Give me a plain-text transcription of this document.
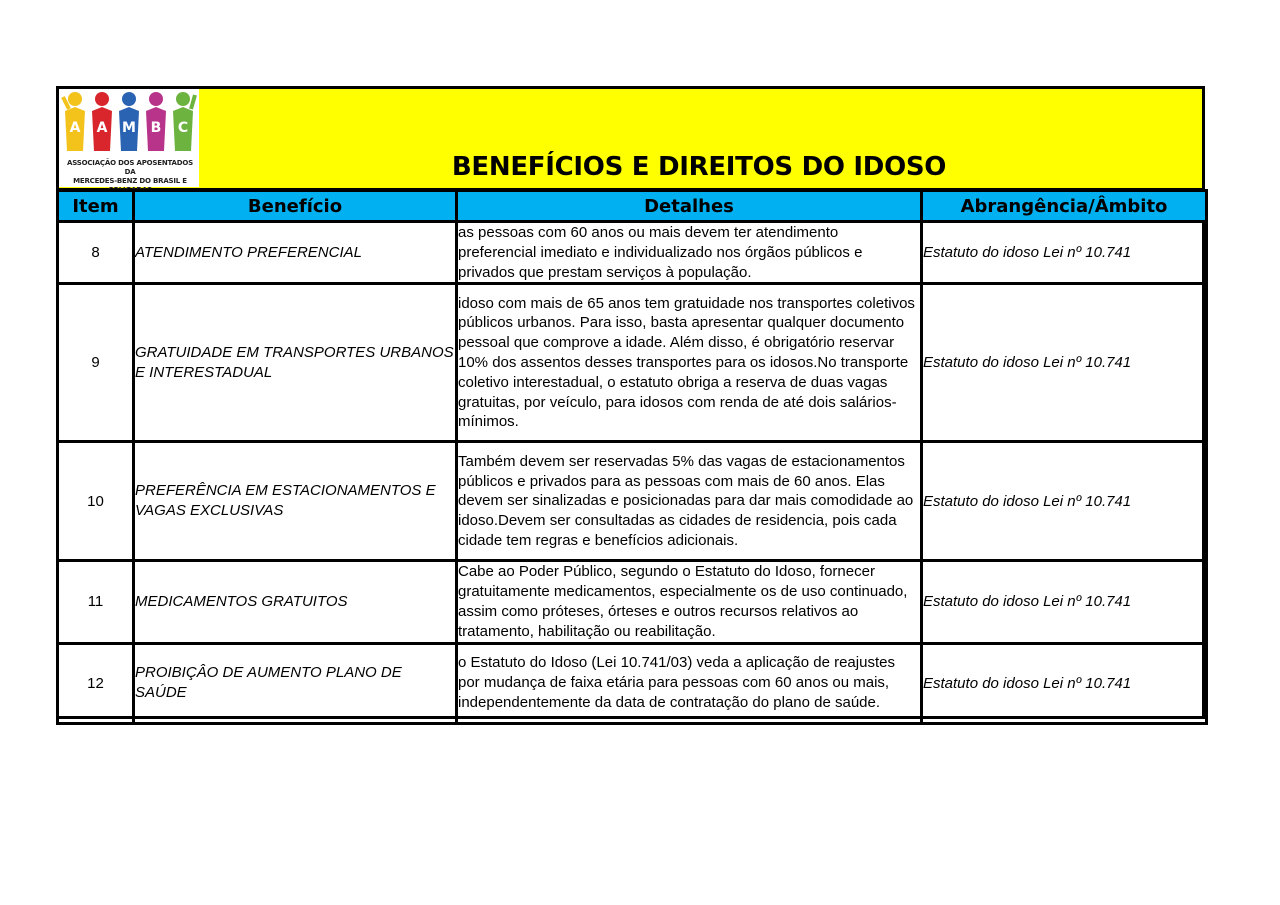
A A M B C
ASSOCIAÇÃO DOS APOSENTADOS DA
MERCEDES-BENZ DO BRASIL E	BENEFÍCIOS E DIREITOS DO IDOSO
Item	Benefício	Detalhes	Abrangência/Âmbito
8	ATENDIMENTO PREFERENCIAL	as pessoas com 60 anos ou mais devem ter atendimento preferencial imediato e individualizado nos órgãos públicos e privados que prestam serviços à população.	Estatuto do idoso Lei nº 10.741
9	GRATUIDADE EM TRANSPORTES URBANOS E INTERESTADUAL	idoso com mais de 65 anos tem gratuidade nos transportes coletivos públicos urbanos. Para isso, basta apresentar qualquer documento pessoal que comprove a idade. Além disso, é obrigatório reservar 10% dos assentos desses transportes para os idosos.No transporte coletivo interestadual, o estatuto obriga a reserva de duas vagas gratuitas, por veículo, para idosos com renda de até dois salários-mínimos.	Estatuto do idoso Lei nº 10.741
10	PREFERÊNCIA EM ESTACIONAMENTOS E VAGAS EXCLUSIVAS	Também devem ser reservadas 5% das vagas de estacionamentos públicos e privados para as pessoas com mais de 60 anos. Elas devem ser sinalizadas e posicionadas para dar mais comodidade ao idoso.Devem ser consultadas as cidades de residencia, pois cada cidade tem regras e benefícios adicionais.	Estatuto do idoso Lei nº 10.741
11	MEDICAMENTOS GRATUITOS	Cabe ao Poder Público, segundo o Estatuto do Idoso, fornecer gratuitamente medicamentos, especialmente os de uso continuado, assim como próteses, órteses e outros recursos relativos ao tratamento, habilitação ou reabilitação.	Estatuto do idoso Lei nº 10.741
12	PROIBIÇÂO DE AUMENTO PLANO DE SAÚDE	o Estatuto do Idoso (Lei 10.741/03) veda a aplicação de reajustes por mudança de faixa etária para pessoas com 60 anos ou mais, independentemente da data de contratação do plano de saúde.	Estatuto do idoso Lei nº 10.741
